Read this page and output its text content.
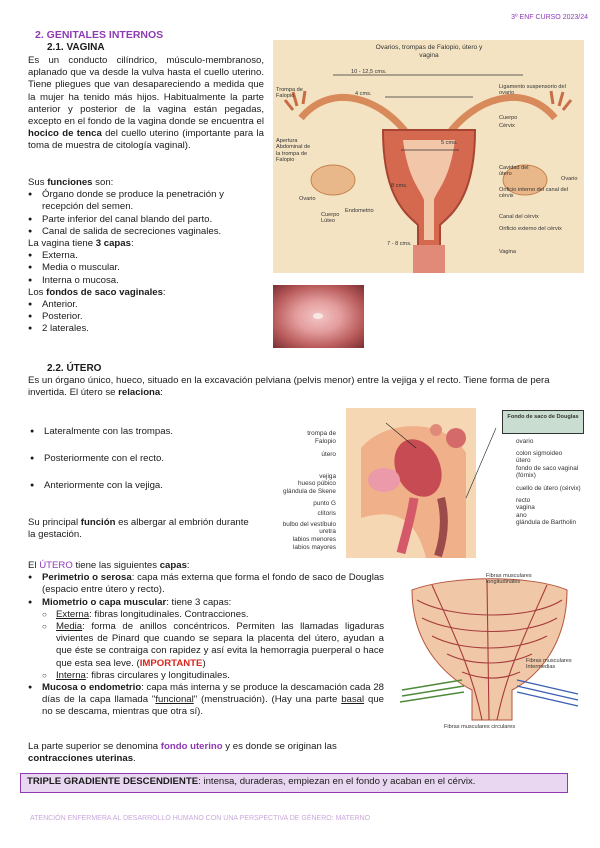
3º ENF CURSO 2023/24
2. GENITALES INTERNOS
2.1. VAGINA
Es un conducto cilíndrico, músculo-membranoso, aplanado que va desde la vulva hasta el cuello uterino. Tiene pliegues que van desapareciendo a medida que la mujer ha tenido más hijos. Habitualmente la parte anterior y posterior de la vagina están pegadas, excepto en el fondo de la vagina donde se encuentra el hocico de tenca del cuello uterino (importante para la toma de muestra de citología vaginal).
Sus funciones son:
● Órgano donde se produce la penetración y recepción del semen.
● Parte inferior del canal blando del parto.
● Canal de salida de secreciones vaginales.
La vagina tiene 3 capas:
● Externa.
● Media o muscular.
● Interna o mucosa.
Los fondos de saco vaginales:
● Anterior.
● Posterior.
● 2 laterales.
Ovarios, trompas de Falopio, útero y vagina
10 - 12,5 cms.
4 cms.
5 cms.
8 cms.
7 - 8 cms.
Trompa de Falopio
Apertura Abdominal de la trompa de Falopio
Ovario
Cuerpo Lúteo
Endometrio
Ligamento suspensorio del ovario
Cuerpo
Cérvix
Cavidad del útero
Ovario
Orificio interno del canal del cérvix
Canal del cérvix
Orificio externo del cérvix
Vagina
2.2. ÚTERO
Es un órgano único, hueco, situado en la excavación pelviana (pelvis menor) entre la vejiga y el recto. Tiene forma de pera invertida. El útero se relaciona:
● Lateralmente con las trompas.
● Posteriormente con el recto.
● Anteriormente con la vejiga.
Su principal función es albergar al embrión durante la gestación.
Fondo de saco de Douglas
trompa de Falopio
útero
vejiga
hueso púbico
glándula de Skene
punto G
clítoris
bulbo del vestíbulo
uretra
labios menores
labios mayores
ovario
colon sigmoideo
útero
fondo de saco vaginal (fórnix)
cuello de útero (cérvix)
recto
vagina
ano
glándula de Bartholin
El ÚTERO tiene las siguientes capas:
● Perimetrio o serosa: capa más externa que forma el fondo de saco de Douglas (espacio entre útero y recto).
● Miometrio o capa muscular: tiene 3 capas:
○ Externa: fibras longitudinales. Contracciones.
○ Media: forma de anillos concéntricos. Permiten las llamadas ligaduras vivientes de Pinard que cuando se separa la placenta del útero, ayudan a que éste se contraiga con rapidez y así evita la hemorragia puerperal o hace que esta sea leve. (IMPORTANTE)
○ Interna: fibras circulares y longitudinales.
● Mucosa o endometrio: capa más interna y se produce la descamación cada 28 días de la capa llamada "funcional" (menstruación). (Hay una parte basal que no se descama, mientras que otra sí).
Fibras musculares longitudinales
Fibras musculares Intermedias
Fibras musculares circulares
La parte superior se denomina fondo uterino y es donde se originan las contracciones uterinas.
TRIPLE GRADIENTE DESCENDIENTE: intensa, duraderas, empiezan en el fondo y acaban en el cérvix.
ATENCIÓN ENFERMERA AL DESARROLLO HUMANO CON UNA PERSPECTIVA DE GÉNERO: MATERNO
